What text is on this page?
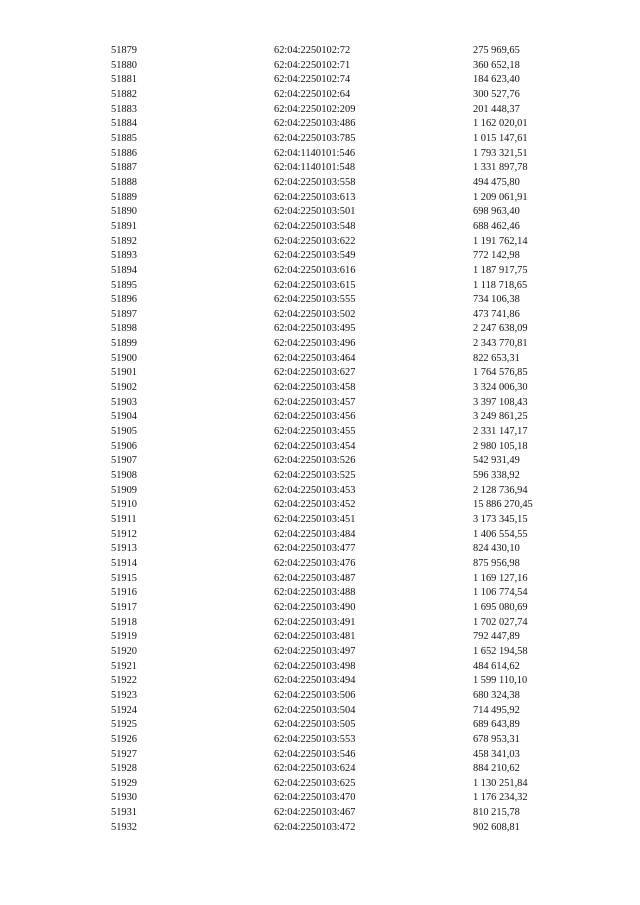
51879	62:04:2250102:72	275 969,65
51880	62:04:2250102:71	360 652,18
51881	62:04:2250102:74	184 623,40
51882	62:04:2250102:64	300 527,76
51883	62:04:2250102:209	201 448,37
51884	62:04:2250103:486	1 162 020,01
51885	62:04:2250103:785	1 015 147,61
51886	62:04:1140101:546	1 793 321,51
51887	62:04:1140101:548	1 331 897,78
51888	62:04:2250103:558	494 475,80
51889	62:04:2250103:613	1 209 061,91
51890	62:04:2250103:501	698 963,40
51891	62:04:2250103:548	688 462,46
51892	62:04:2250103:622	1 191 762,14
51893	62:04:2250103:549	772 142,98
51894	62:04:2250103:616	1 187 917,75
51895	62:04:2250103:615	1 118 718,65
51896	62:04:2250103:555	734 106,38
51897	62:04:2250103:502	473 741,86
51898	62:04:2250103:495	2 247 638,09
51899	62:04:2250103:496	2 343 770,81
51900	62:04:2250103:464	822 653,31
51901	62:04:2250103:627	1 764 576,85
51902	62:04:2250103:458	3 324 006,30
51903	62:04:2250103:457	3 397 108,43
51904	62:04:2250103:456	3 249 861,25
51905	62:04:2250103:455	2 331 147,17
51906	62:04:2250103:454	2 980 105,18
51907	62:04:2250103:526	542 931,49
51908	62:04:2250103:525	596 338,92
51909	62:04:2250103:453	2 128 736,94
51910	62:04:2250103:452	15 886 270,45
51911	62:04:2250103:451	3 173 345,15
51912	62:04:2250103:484	1 406 554,55
51913	62:04:2250103:477	824 430,10
51914	62:04:2250103:476	875 956,98
51915	62:04:2250103:487	1 169 127,16
51916	62:04:2250103:488	1 106 774,54
51917	62:04:2250103:490	1 695 080,69
51918	62:04:2250103:491	1 702 027,74
51919	62:04:2250103:481	792 447,89
51920	62:04:2250103:497	1 652 194,58
51921	62:04:2250103:498	484 614,62
51922	62:04:2250103:494	1 599 110,10
51923	62:04:2250103:506	680 324,38
51924	62:04:2250103:504	714 495,92
51925	62:04:2250103:505	689 643,89
51926	62:04:2250103:553	678 953,31
51927	62:04:2250103:546	458 341,03
51928	62:04:2250103:624	884 210,62
51929	62:04:2250103:625	1 130 251,84
51930	62:04:2250103:470	1 176 234,32
51931	62:04:2250103:467	810 215,78
51932	62:04:2250103:472	902 608,81
